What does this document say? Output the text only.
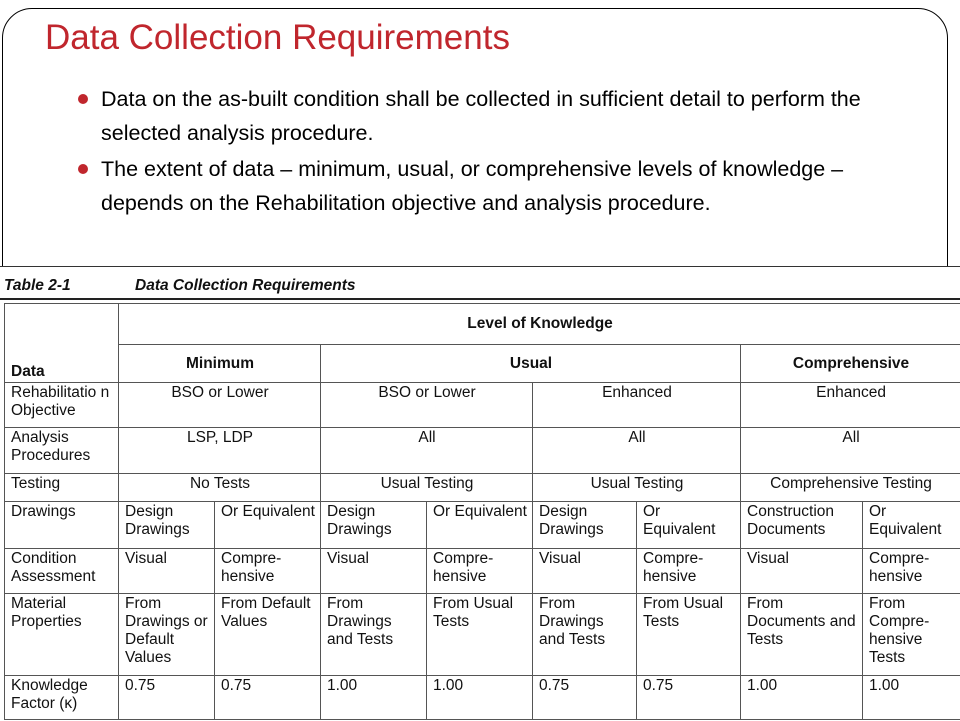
Data Collection Requirements
Data on the as-built condition shall be collected in sufficient detail to perform the selected analysis procedure.
The extent of data – minimum, usual, or comprehensive levels of knowledge – depends on the Rehabilitation objective and analysis procedure.
Table 2-1	Data Collection Requirements
Data	Level of Knowledge							
	Minimum		Usual				Comprehensive	
Rehabilitatio n Objective	BSO or Lower		BSO or Lower		Enhanced		Enhanced	
Analysis Procedures	LSP, LDP		All		All		All	
Testing	No Tests		Usual Testing		Usual Testing		Comprehensive Testing	
Drawings	Design Drawings	Or Equivalent	Design Drawings	Or Equivalent	Design Drawings	Or Equivalent	Construction Documents	Or Equivalent
Condition Assessment	Visual	Compre- hensive	Visual	Compre- hensive	Visual	Compre- hensive	Visual	Compre- hensive
Material Properties	From Drawings or Default Values	From Default Values	From Drawings and Tests	From Usual Tests	From Drawings and Tests	From Usual Tests	From Documents and Tests	From Compre- hensive Tests
Knowledge Factor (κ)	0.75	0.75	1.00	1.00	0.75	0.75	1.00	1.00
